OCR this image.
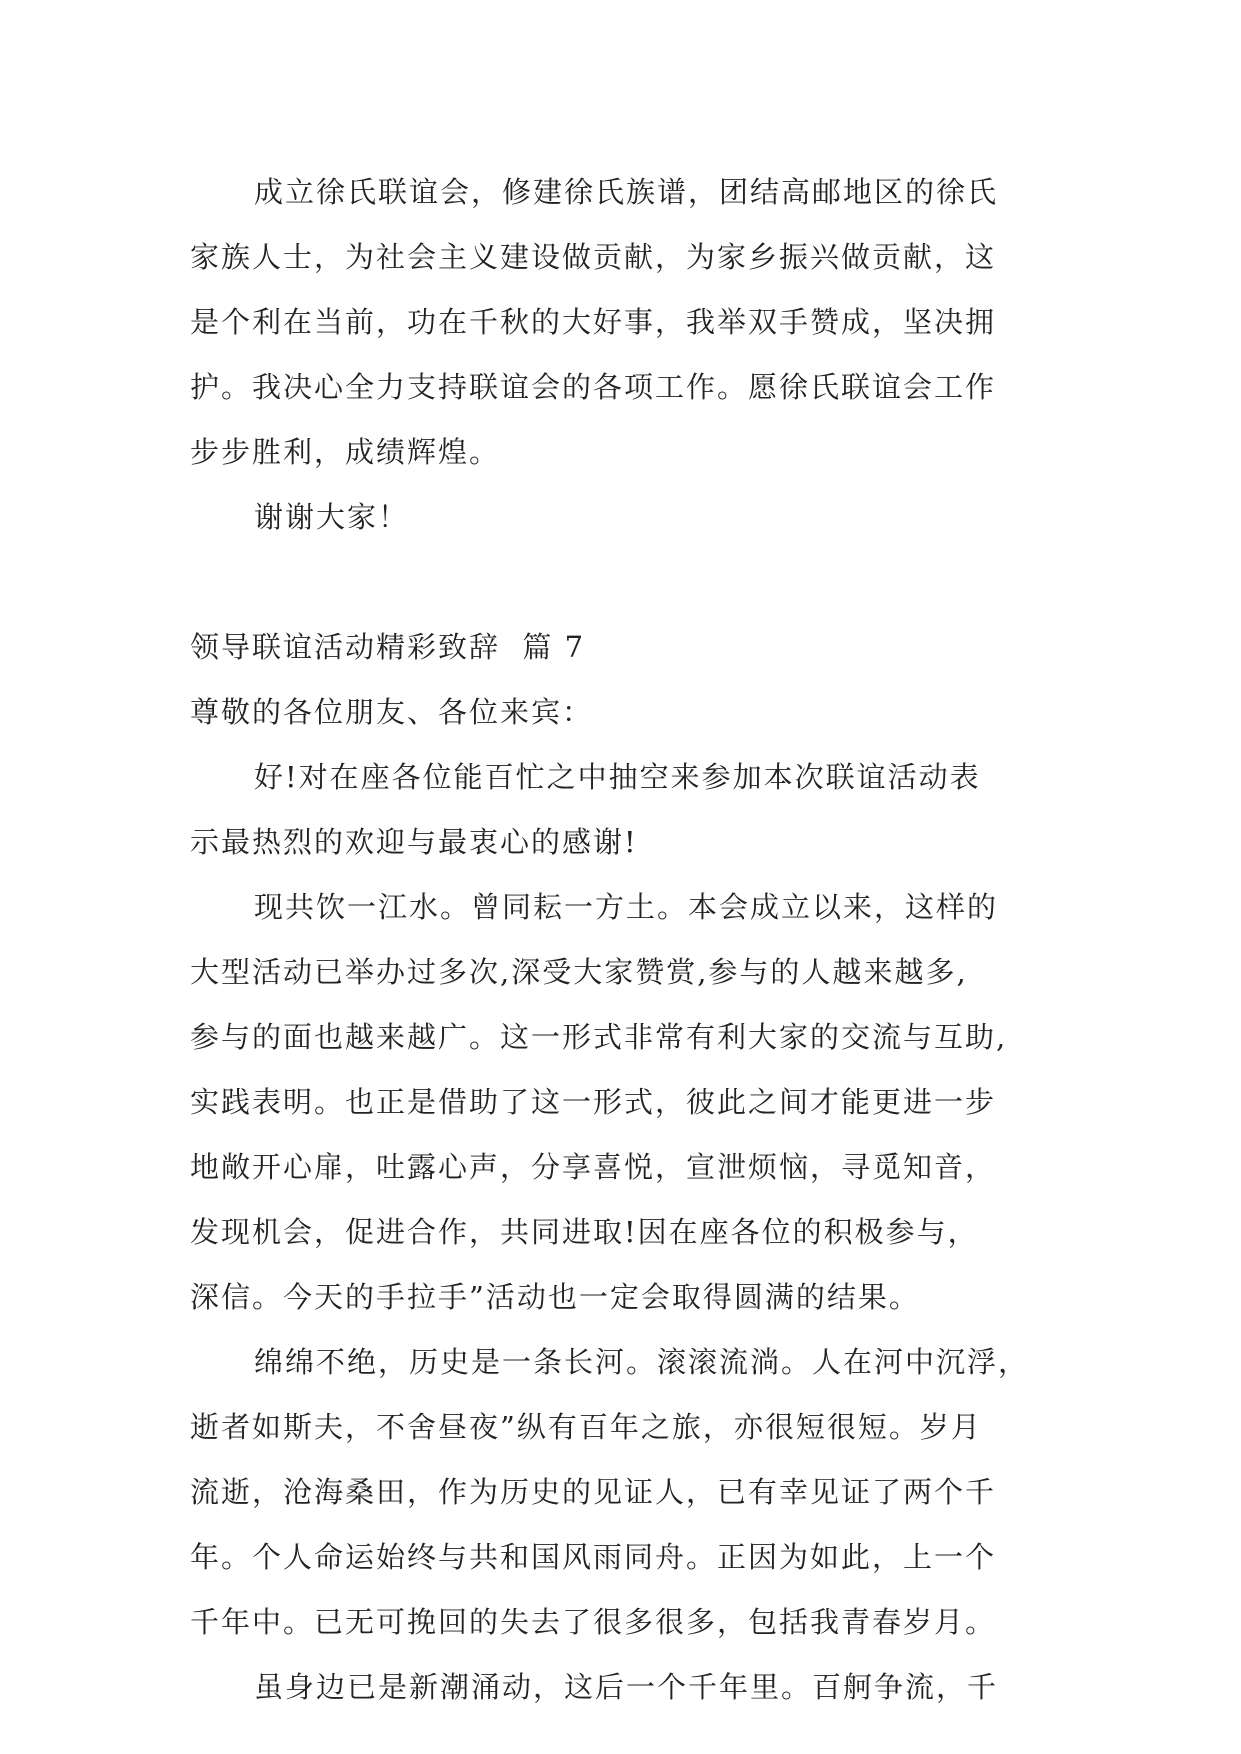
成立徐氏联谊会，修建徐氏族谱，团结高邮地区的徐氏
家族人士，为社会主义建设做贡献，为家乡振兴做贡献，这
是个利在当前，功在千秋的大好事，我举双手赞成，坚决拥
护。我决心全力支持联谊会的各项工作。愿徐氏联谊会工作
步步胜利，成绩辉煌。

谢谢大家！

领导联谊活动精彩致辞  篇 7

尊敬的各位朋友、各位来宾：

好!对在座各位能百忙之中抽空来参加本次联谊活动表
示最热烈的欢迎与最衷心的感谢!

现共饮一江水。曾同耘一方土。本会成立以来，这样的
大型活动已举办过多次,深受大家赞赏,参与的人越来越多,
参与的面也越来越广。这一形式非常有利大家的交流与互助,
实践表明。也正是借助了这一形式，彼此之间才能更进一步
地敞开心扉，吐露心声，分享喜悦，宣泄烦恼，寻觅知音，
发现机会，促进合作，共同进取!因在座各位的积极参与，
深信。今天的手拉手”活动也一定会取得圆满的结果。

绵绵不绝，历史是一条长河。滚滚流淌。人在河中沉浮，
逝者如斯夫，不舍昼夜”纵有百年之旅，亦很短很短。岁月
流逝，沧海桑田，作为历史的见证人，已有幸见证了两个千
年。个人命运始终与共和国风雨同舟。正因为如此，上一个
千年中。已无可挽回的失去了很多很多，包括我青春岁月。

虽身边已是新潮涌动，这后一个千年里。百舸争流，千
